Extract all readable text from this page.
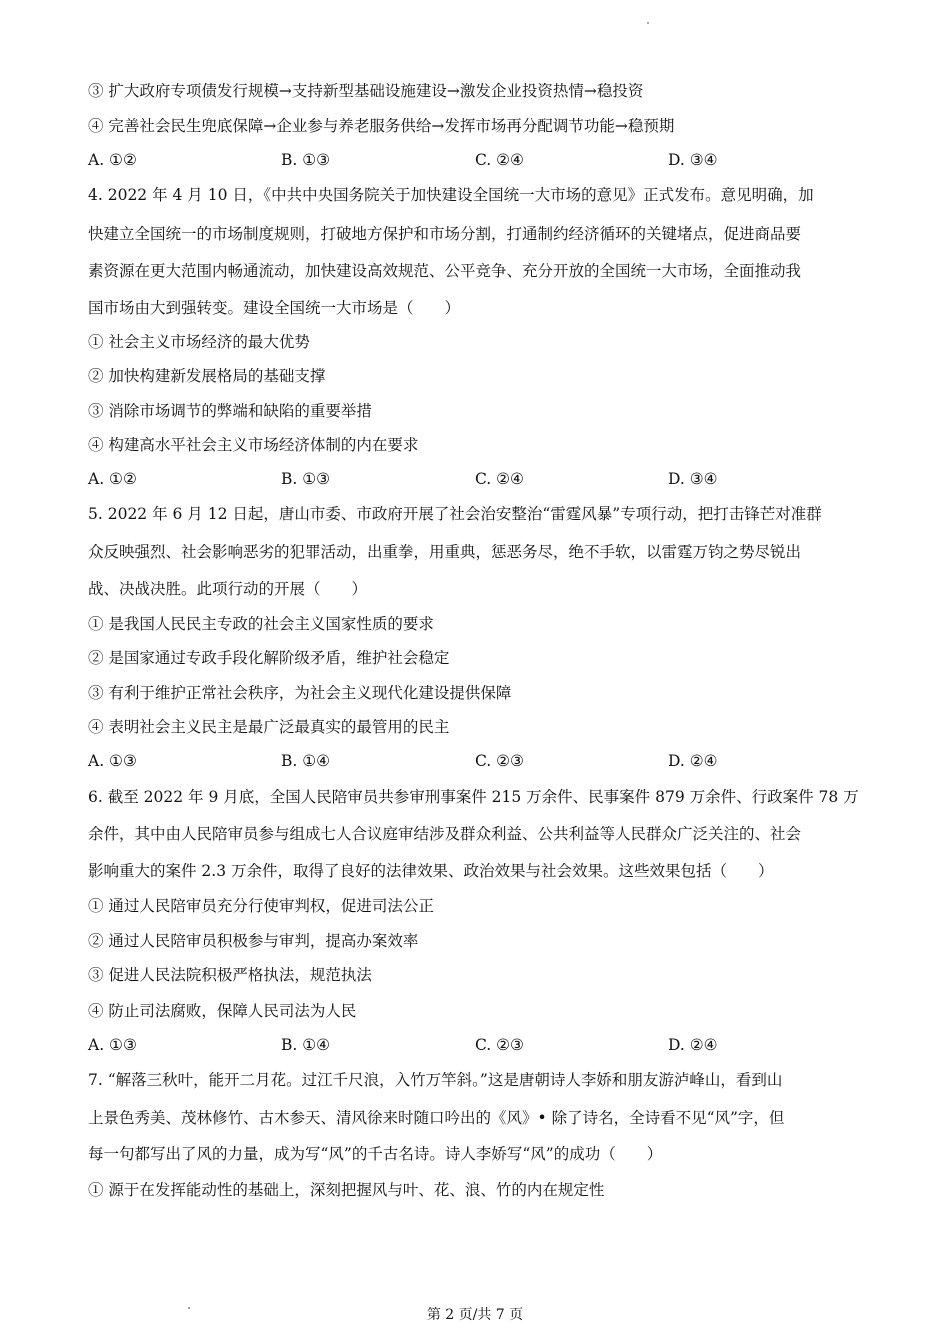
③ 扩大政府专项债发行规模→支持新型基础设施建设→激发企业投资热情→稳投资
④ 完善社会民生兜底保障→企业参与养老服务供给→发挥市场再分配调节功能→稳预期
A. ①②	B. ①③	C. ②④	D. ③④
4. 2022 年 4 月 10 日，《中共中央国务院关于加快建设全国统一大市场的意见》正式发布。意见明确，加
快建立全国统一的市场制度规则，打破地方保护和市场分割，打通制约经济循环的关键堵点，促进商品要
素资源在更大范围内畅通流动，加快建设高效规范、公平竞争、充分开放的全国统一大市场，全面推动我
国市场由大到强转变。建设全国统一大市场是（　　）
① 社会主义市场经济的最大优势
② 加快构建新发展格局的基础支撑
③ 消除市场调节的弊端和缺陷的重要举措
④ 构建高水平社会主义市场经济体制的内在要求
A. ①②	B. ①③	C. ②④	D. ③④
5. 2022 年 6 月 12 日起，唐山市委、市政府开展了社会治安整治“雷霆风暴”专项行动，把打击锋芒对准群
众反映强烈、社会影响恶劣的犯罪活动，出重拳，用重典，惩恶务尽，绝不手软，以雷霆万钧之势尽锐出
战、决战决胜。此项行动的开展（　　）
① 是我国人民民主专政的社会主义国家性质的要求
② 是国家通过专政手段化解阶级矛盾，维护社会稳定
③ 有利于维护正常社会秩序，为社会主义现代化建设提供保障
④ 表明社会主义民主是最广泛最真实的最管用的民主
A. ①③	B. ①④	C. ②③	D. ②④
6. 截至 2022 年 9 月底，全国人民陪审员共参审刑事案件 215 万余件、民事案件 879 万余件、行政案件 78 万
余件，其中由人民陪审员参与组成七人合议庭审结涉及群众利益、公共利益等人民群众广泛关注的、社会
影响重大的案件 2.3 万余件，取得了良好的法律效果、政治效果与社会效果。这些效果包括（　　）
① 通过人民陪审员充分行使审判权，促进司法公正
② 通过人民陪审员积极参与审判，提高办案效率
③ 促进人民法院积极严格执法，规范执法
④ 防止司法腐败，保障人民司法为人民
A. ①③	B. ①④	C. ②③	D. ②④
7. “解落三秋叶，能开二月花。过江千尺浪，入竹万竿斜。”这是唐朝诗人李娇和朋友游泸峰山，看到山
上景色秀美、茂林修竹、古木参天、清风徐来时随口吟出的《风》• 除了诗名，全诗看不见“风”字，但
每一句都写出了风的力量，成为写“风”的千古名诗。诗人李娇写“风”的成功（　　）
① 源于在发挥能动性的基础上，深刻把握风与叶、花、浪、竹的内在规定性
第 2 页/共 7 页
